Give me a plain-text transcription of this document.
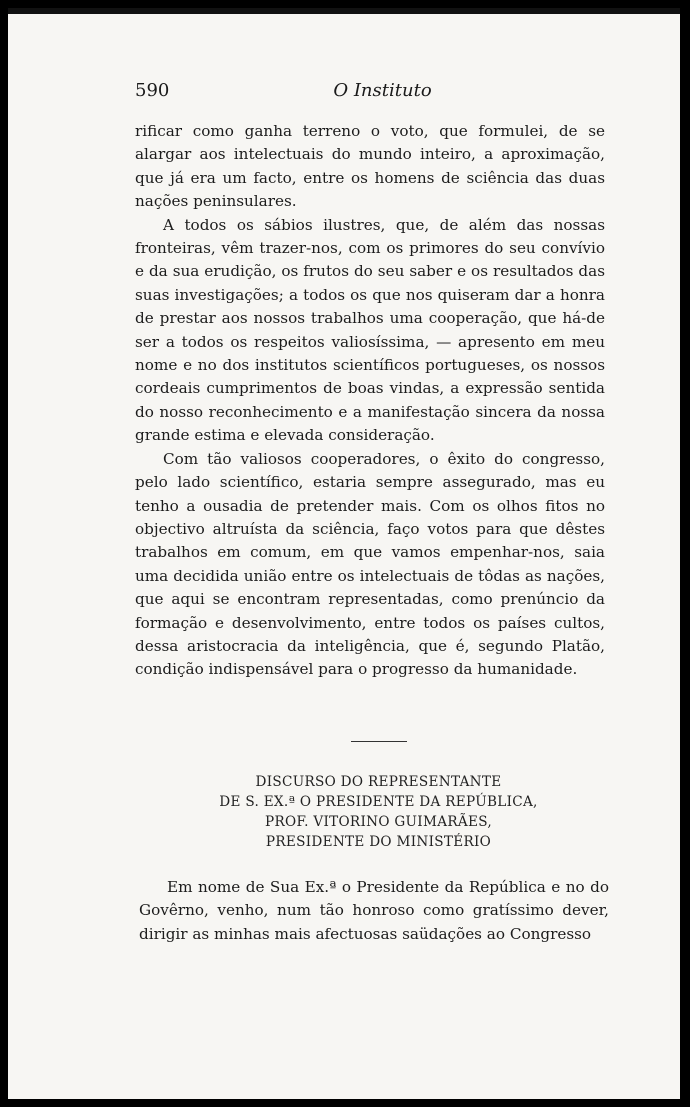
590	O Instituto

rificar como ganha terreno o voto, que formulei, de se alargar aos intelectuais do mundo inteiro, a aproximação, que já era um facto, entre os homens de sciência das duas nações peninsulares.

A todos os sábios ilustres, que, de além das nossas fronteiras, vêm trazer-nos, com os primores do seu convívio e da sua erudição, os frutos do seu saber e os resultados das suas investigações; a todos os que nos quiseram dar a honra de prestar aos nossos trabalhos uma cooperação, que há-de ser a todos os respeitos valiosíssima, — apresento em meu nome e no dos institutos scientíficos portugueses, os nossos cordeais cumprimentos de boas vindas, a expressão sentida do nosso reconhecimento e a manifestação sincera da nossa grande estima e elevada consideração.

Com tão valiosos cooperadores, o êxito do congresso, pelo lado scientífico, estaria sempre assegurado, mas eu tenho a ousadia de pretender mais. Com os olhos fitos no objectivo altruísta da sciência, faço votos para que dêstes trabalhos em comum, em que vamos empenhar-nos, saia uma decidida união entre os intelectuais de tôdas as nações, que aqui se encontram representadas, como prenúncio da formação e desenvolvimento, entre todos os países cultos, dessa aristocracia da inteligência, que é, segundo Platão, condição indispensável para o progresso da humanidade.

DISCURSO DO REPRESENTANTE
DE S. EX.ª O PRESIDENTE DA REPÚBLICA,
PROF. VITORINO GUIMARÃES,
PRESIDENTE DO MINISTÉRIO

Em nome de Sua Ex.ª o Presidente da República e no do Govêrno, venho, num tão honroso como gratíssimo dever, dirigir as minhas mais afectuosas saüdações ao Congresso
